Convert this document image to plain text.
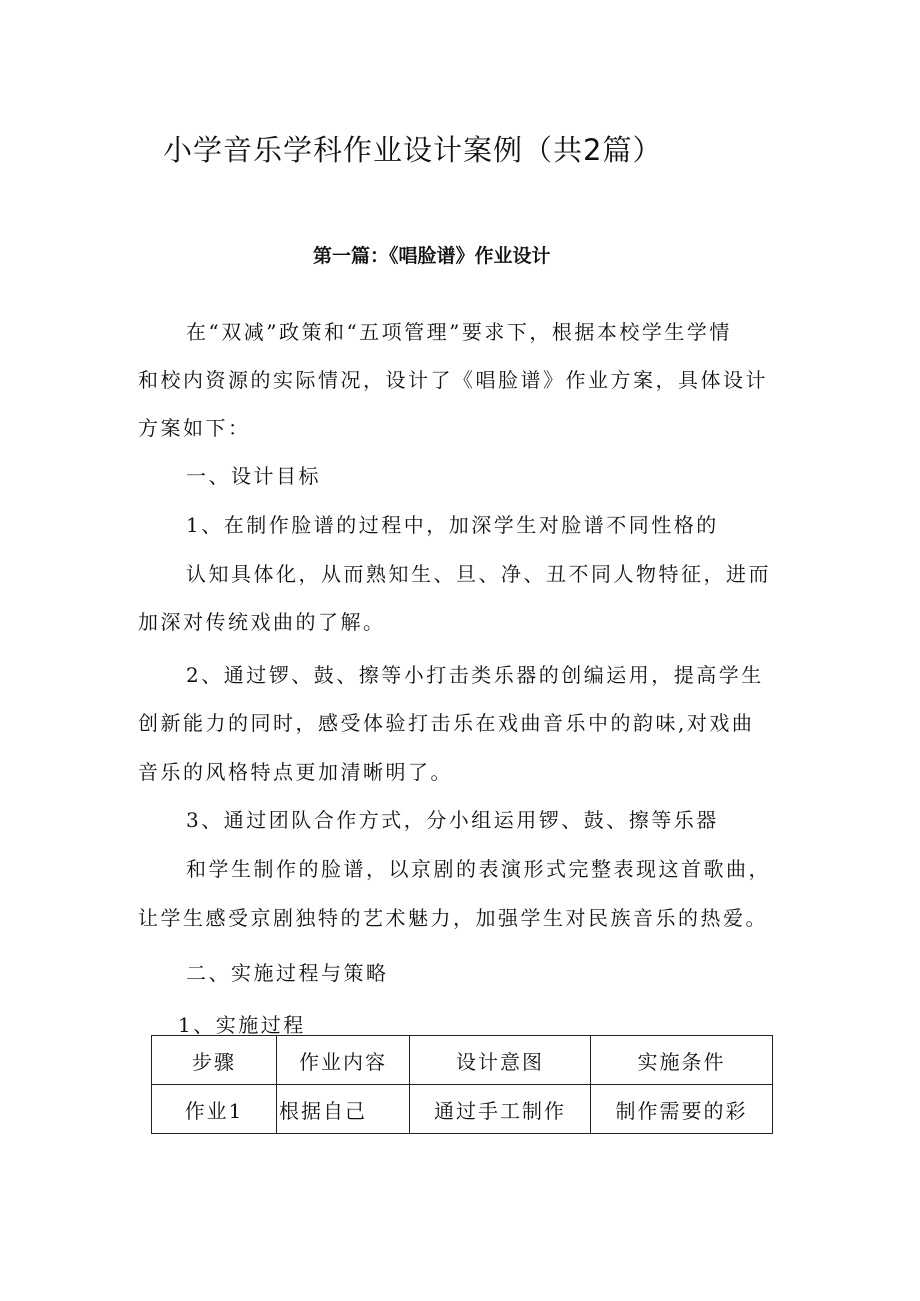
小学音乐学科作业设计案例（共2篇）
第一篇：《唱脸谱》作业设计
在“双减”政策和“五项管理”要求下，根据本校学生学情
和校内资源的实际情况，设计了《唱脸谱》作业方案，具体设计
方案如下：
一、设计目标
1、在制作脸谱的过程中，加深学生对脸谱不同性格的
认知具体化，从而熟知生、旦、净、丑不同人物特征，进而
加深对传统戏曲的了解。
2、通过锣、鼓、擦等小打击类乐器的创编运用，提高学生
创新能力的同时，感受体验打击乐在戏曲音乐中的韵味,对戏曲
音乐的风格特点更加清晰明了。
3、通过团队合作方式，分小组运用锣、鼓、擦等乐器
和学生制作的脸谱，以京剧的表演形式完整表现这首歌曲，
让学生感受京剧独特的艺术魅力，加强学生对民族音乐的热爱。
二、实施过程与策略
1、实施过程
步骤	作业内容	设计意图	实施条件
作业1	根据自己	通过手工制作	制作需要的彩
